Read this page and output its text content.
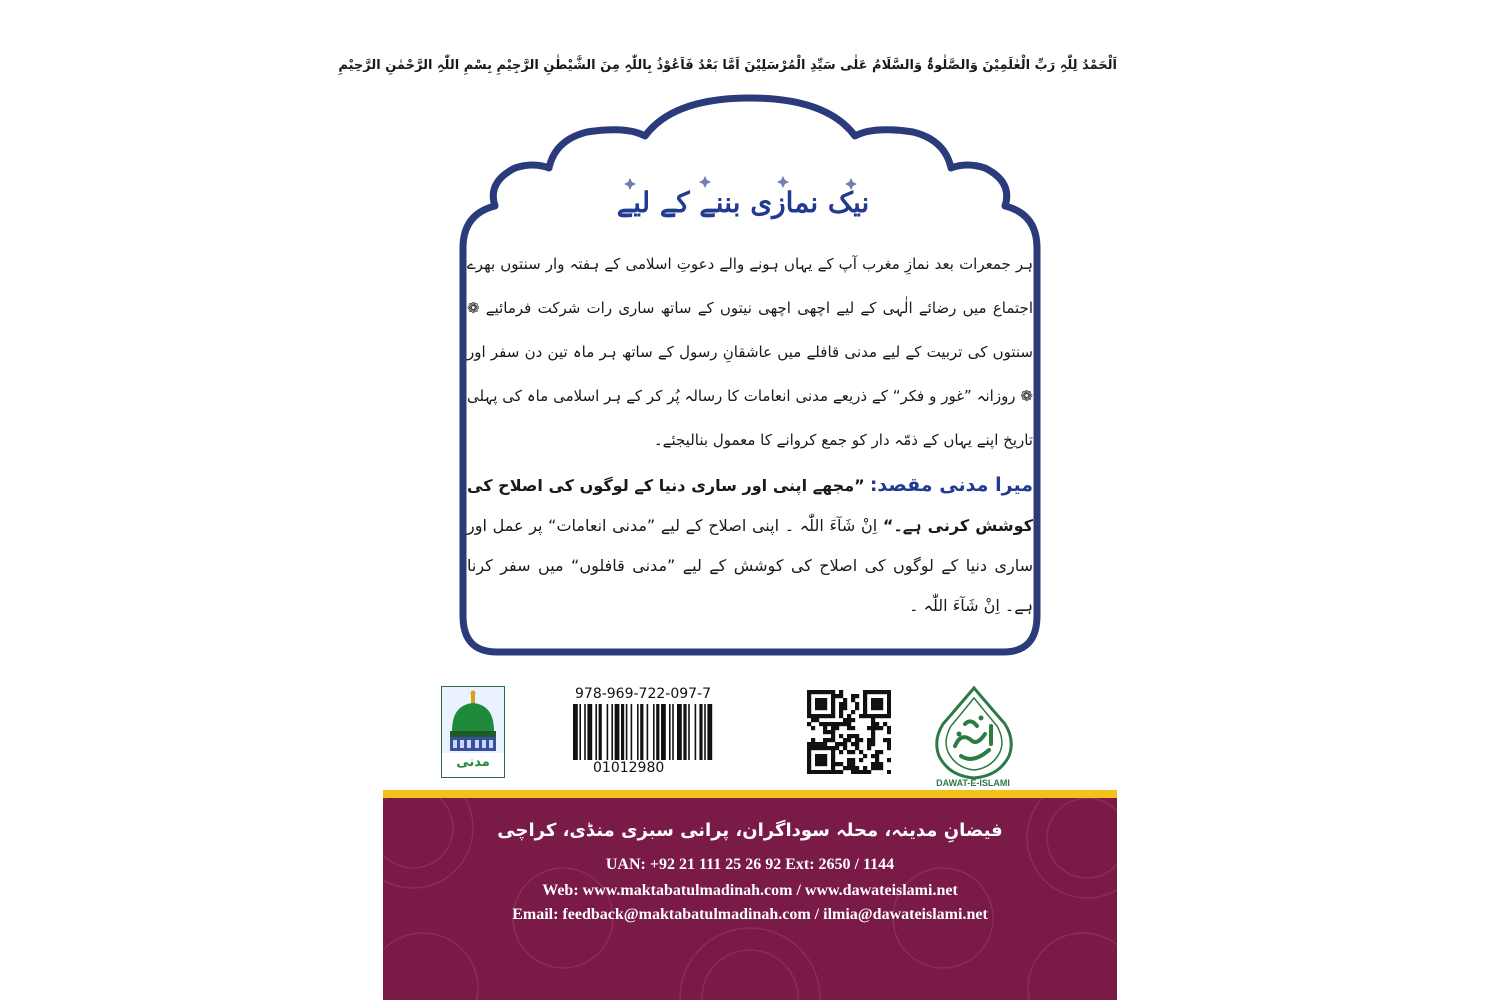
اَلْحَمْدُ لِلّٰہِ رَبِّ الْعٰلَمِیْنَ وَالصَّلٰوۃُ وَالسَّلَامُ عَلٰی سَیِّدِ الْمُرْسَلِیْنَ اَمَّا بَعْدُ فَاَعُوْذُ بِاللّٰہِ مِنَ الشَّیْطٰنِ الرَّجِیْمِ بِسْمِ اللّٰہِ الرَّحْمٰنِ الرَّحِیْمِ
نیک نمازی بننے کے لیے

ہر جمعرات بعد نمازِ مغرب آپ کے یہاں ہونے والے دعوتِ اسلامی کے ہفتہ وار سنتوں بھرے اجتماع میں رضائے الٰہی کے لیے اچھی اچھی نیتوں کے ساتھ ساری رات شرکت فرمائیے ❁ سنتوں کی تربیت کے لیے مدنی قافلے میں عاشقانِ رسول کے ساتھ ہر ماہ تین دن سفر اور ❁ روزانہ ”غور و فکر“ کے ذریعے مدنی انعامات کا رسالہ پُر کر کے ہر اسلامی ماہ کی پہلی تاریخ اپنے یہاں کے ذمّہ دار کو جمع کروانے کا معمول بنالیجئے۔

میرا مدنی مقصد: ”مجھے اپنی اور ساری دنیا کے لوگوں کی اصلاح کی کوشش کرنی ہے۔“ اِنْ شَآءَ اللّٰہ ۔ اپنی اصلاح کے لیے ”مدنی انعامات“ پر عمل اور ساری دنیا کے لوگوں کی اصلاح کی کوشش کے لیے ”مدنی قافلوں“ میں سفر کرنا ہے۔ اِنْ شَآءَ اللّٰہ ۔

مدنی
978-969-722-097-7
01012980
DAWAT-E-ISLAMI
فیضانِ مدینہ، محلہ سوداگران، پرانی سبزی منڈی، کراچی
UAN: +92 21 111 25 26 92 Ext: 2650 / 1144
Web: www.maktabatulmadinah.com / www.dawateislami.net
Email: feedback@maktabatulmadinah.com / ilmia@dawateislami.net
